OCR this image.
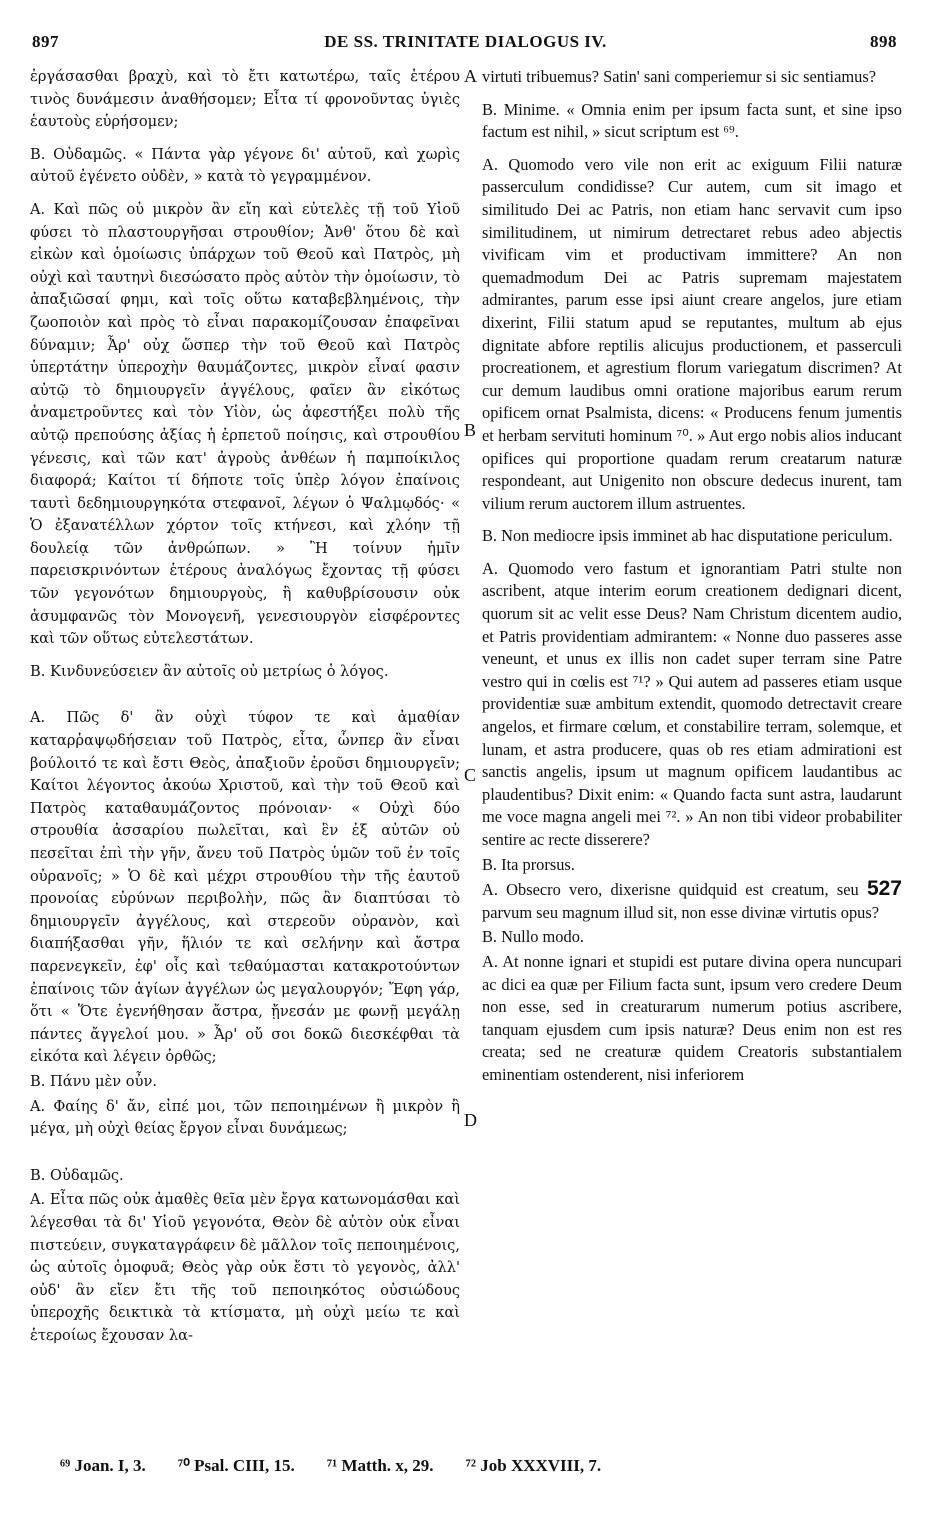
897	DE SS. TRINITATE DIALOGUS IV.	898
A
B
C
D

ἐργάσασθαι βραχὺ, καὶ τὸ ἔτι κατωτέρω, ταῖς ἑτέρου τινὸς δυνάμεσιν ἀναθήσομεν; Εἶτα τί φρονοῦντας ὑγιὲς ἑαυτοὺς εὑρήσομεν;

Β. Οὐδαμῶς. « Πάντα γὰρ γέγονε δι' αὐτοῦ, καὶ χωρὶς αὐτοῦ ἐγένετο οὐδὲν, » κατὰ τὸ γεγραμμένον.

Α. Καὶ πῶς οὐ μικρὸν ἂν εἴη καὶ εὐτελὲς τῇ τοῦ Υἱοῦ φύσει τὸ πλαστουργῆσαι στρουθίον; Ἀνθ' ὅτου δὲ καὶ εἰκὼν καὶ ὁμοίωσις ὑπάρχων τοῦ Θεοῦ καὶ Πατρὸς, μὴ οὐχὶ καὶ ταυτηνὶ διεσώσατο πρὸς αὐτὸν τὴν ὁμοίωσιν, τὸ ἀπαξιῶσαί φημι, καὶ τοῖς οὕτω καταβεβλημένοις, τὴν ζωοποιὸν καὶ πρὸς τὸ εἶναι παρακομίζουσαν ἐπαφεῖναι δύναμιν; Ἆρ' οὐχ ὥσπερ τὴν τοῦ Θεοῦ καὶ Πατρὸς ὑπερτάτην ὑπεροχὴν θαυμάζοντες, μικρὸν εἶναί φασιν αὐτῷ τὸ δημιουργεῖν ἀγγέλους, φαῖεν ἂν εἰκότως ἀναμετροῦντες καὶ τὸν Υἱὸν, ὡς ἀφεστήξει πολὺ τῆς αὐτῷ πρεπούσης ἀξίας ἡ ἑρπετοῦ ποίησις, καὶ στρουθίου γένεσις, καὶ τῶν κατ' ἀγροὺς ἀνθέων ἡ παμποίκιλος διαφορά; Καίτοι τί δήποτε τοῖς ὑπὲρ λόγον ἐπαίνοις ταυτὶ δεδημιουργηκότα στεφανοῖ, λέγων ὁ Ψαλμῳδός· « Ὁ ἐξανατέλλων χόρτον τοῖς κτήνεσι, καὶ χλόην τῇ δουλείᾳ τῶν ἀνθρώπων. » Ἢ τοίνυν ἡμῖν παρεισκρινόντων ἑτέρους ἀναλόγως ἔχοντας τῇ φύσει τῶν γεγονότων δημιουργοὺς, ἢ καθυβρίσουσιν οὐκ ἀσυμφανῶς τὸν Μονογενῆ, γενεσιουργὸν εἰσφέροντες καὶ τῶν οὕτως εὐτελεστάτων.

Β. Κινδυνεύσειεν ἂν αὐτοῖς οὐ μετρίως ὁ λόγος.

Α. Πῶς δ' ἂν οὐχὶ τύφον τε καὶ ἀμαθίαν καταρῥαψῳδήσειαν τοῦ Πατρὸς, εἶτα, ὧνπερ ἂν εἶναι βούλοιτό τε καὶ ἔστι Θεὸς, ἀπαξιοῦν ἐροῦσι δημιουργεῖν; Καίτοι λέγοντος ἀκούω Χριστοῦ, καὶ τὴν τοῦ Θεοῦ καὶ Πατρὸς καταθαυμάζοντος πρόνοιαν· « Οὐχὶ δύο στρουθία ἀσσαρίου πωλεῖται, καὶ ἓν ἐξ αὐτῶν οὐ πεσεῖται ἐπὶ τὴν γῆν, ἄνευ τοῦ Πατρὸς ὑμῶν τοῦ ἐν τοῖς οὐρανοῖς; » Ὁ δὲ καὶ μέχρι στρουθίου τὴν τῆς ἑαυτοῦ προνοίας εὐρύνων περιβολὴν, πῶς ἂν διαπτύσαι τὸ δημιουργεῖν ἀγγέλους, καὶ στερεοῦν οὐρανὸν, καὶ διαπήξασθαι γῆν, ἥλιόν τε καὶ σελήνην καὶ ἄστρα παρενεγκεῖν, ἐφ' οἷς καὶ τεθαύμασται κατακροτούντων ἐπαίνοις τῶν ἁγίων ἀγγέλων ὡς μεγαλουργόν; Ἔφη γάρ, ὅτι « Ὅτε ἐγενήθησαν ἄστρα, ᾔνεσάν με φωνῇ μεγάλῃ πάντες ἄγγελοί μου. » Ἆρ' οὔ σοι δοκῶ διεσκέφθαι τὰ εἰκότα καὶ λέγειν ὀρθῶς;

Β. Πάνυ μὲν οὖν.

Α. Φαίης δ' ἄν, εἰπέ μοι, τῶν πεποιημένων ἢ μικρὸν ἢ μέγα, μὴ οὐχὶ θείας ἔργον εἶναι δυνάμεως;

Β. Οὐδαμῶς.

Α. Εἶτα πῶς οὐκ ἀμαθὲς θεῖα μὲν ἔργα κατωνομάσθαι καὶ λέγεσθαι τὰ δι' Υἱοῦ γεγονότα, Θεὸν δὲ αὐτὸν οὐκ εἶναι πιστεύειν, συγκαταγράφειν δὲ μᾶλλον τοῖς πεποιημένοις, ὡς αὐτοῖς ὁμοφυᾶ; Θεὸς γὰρ οὐκ ἔστι τὸ γεγονὸς, ἀλλ' οὐδ' ἂν εἴεν ἔτι τῆς τοῦ πεποιηκότος οὐσιώδους ὑπεροχῆς δεικτικὰ τὰ κτίσματα, μὴ οὐχὶ μείω τε καὶ ἑτεροίως ἔχουσαν λα-

virtuti tribuemus? Satin' sani comperiemur si sic sentiamus?

B. Minime. « Omnia enim per ipsum facta sunt, et sine ipso factum est nihil, » sicut scriptum est ⁶⁹.

A. Quomodo vero vile non erit ac exiguum Filii naturæ passerculum condidisse? Cur autem, cum sit imago et similitudo Dei ac Patris, non etiam hanc servavit cum ipso similitudinem, ut nimirum detrectaret rebus adeo abjectis vivificam vim et productivam immittere? An non quemadmodum Dei ac Patris supremam majestatem admirantes, parum esse ipsi aiunt creare angelos, jure etiam dixerint, Filii statum apud se reputantes, multum ab ejus dignitate abfore reptilis alicujus productionem, et passerculi procreationem, et agrestium florum variegatum discrimen? At cur demum laudibus omni oratione majoribus earum rerum opificem ornat Psalmista, dicens: « Producens fenum jumentis et herbam servituti hominum ⁷⁰. » Aut ergo nobis alios inducant opifices qui proportione quadam rerum creatarum naturæ respondeant, aut Unigenito non obscure dedecus inurent, tam vilium rerum auctorem illum astruentes.

B. Non mediocre ipsis imminet ab hac disputatione periculum.

A. Quomodo vero fastum et ignorantiam Patri stulte non ascribent, atque interim eorum creationem dedignari dicent, quorum sit ac velit esse Deus? Nam Christum dicentem audio, et Patris providentiam admirantem: « Nonne duo passeres asse veneunt, et unus ex illis non cadet super terram sine Patre vestro qui in cœlis est ⁷¹? » Qui autem ad passeres etiam usque providentiæ suæ ambitum extendit, quomodo detrectavit creare angelos, et firmare cœlum, et constabilire terram, solemque, et lunam, et astra producere, quas ob res etiam admirationi est sanctis angelis, ipsum ut magnum opificem laudantibus ac plaudentibus? Dixit enim: « Quando facta sunt astra, laudarunt me voce magna angeli mei ⁷². » An non tibi videor probabiliter sentire ac recte disserere?

B. Ita prorsus.

A. Obsecro vero, dixerisne quidquid est creatum, seu 527 parvum seu magnum illud sit, non esse divinæ virtutis opus?

B. Nullo modo.

A. At nonne ignari et stupidi est putare divina opera nuncupari ac dici ea quæ per Filium facta sunt, ipsum vero credere Deum non esse, sed in creaturarum numerum potius ascribere, tanquam ejusdem cum ipsis naturæ? Deus enim non est res creata; sed ne creaturæ quidem Creatoris substantialem eminentiam ostenderent, nisi inferiorem

⁶⁹ Joan. I, 3. ⁷⁰ Psal. CIII, 15. ⁷¹ Matth. x, 29. ⁷² Job XXXVIII, 7.
